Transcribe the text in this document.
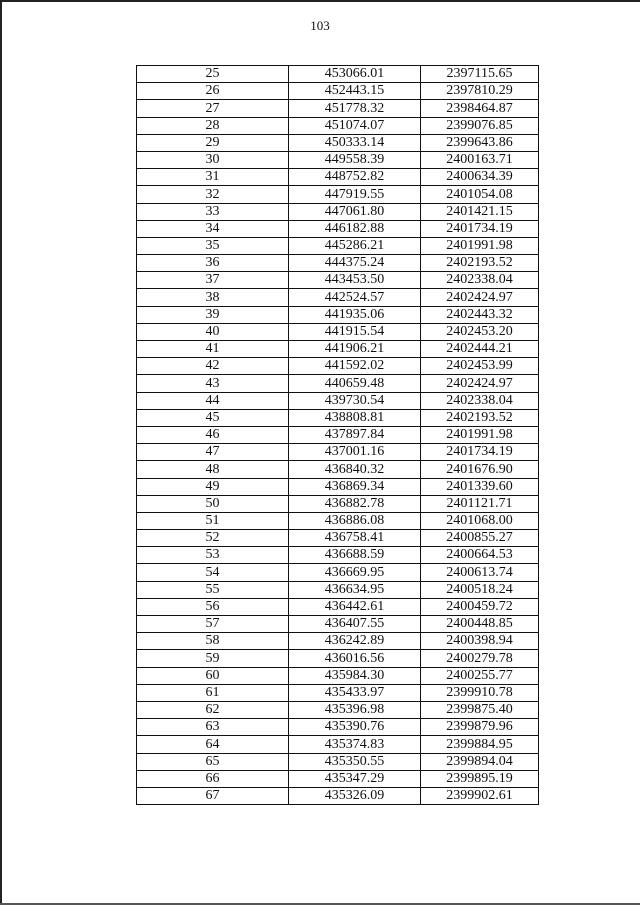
103
25	453066.01	2397115.65
26	452443.15	2397810.29
27	451778.32	2398464.87
28	451074.07	2399076.85
29	450333.14	2399643.86
30	449558.39	2400163.71
31	448752.82	2400634.39
32	447919.55	2401054.08
33	447061.80	2401421.15
34	446182.88	2401734.19
35	445286.21	2401991.98
36	444375.24	2402193.52
37	443453.50	2402338.04
38	442524.57	2402424.97
39	441935.06	2402443.32
40	441915.54	2402453.20
41	441906.21	2402444.21
42	441592.02	2402453.99
43	440659.48	2402424.97
44	439730.54	2402338.04
45	438808.81	2402193.52
46	437897.84	2401991.98
47	437001.16	2401734.19
48	436840.32	2401676.90
49	436869.34	2401339.60
50	436882.78	2401121.71
51	436886.08	2401068.00
52	436758.41	2400855.27
53	436688.59	2400664.53
54	436669.95	2400613.74
55	436634.95	2400518.24
56	436442.61	2400459.72
57	436407.55	2400448.85
58	436242.89	2400398.94
59	436016.56	2400279.78
60	435984.30	2400255.77
61	435433.97	2399910.78
62	435396.98	2399875.40
63	435390.76	2399879.96
64	435374.83	2399884.95
65	435350.55	2399894.04
66	435347.29	2399895.19
67	435326.09	2399902.61
